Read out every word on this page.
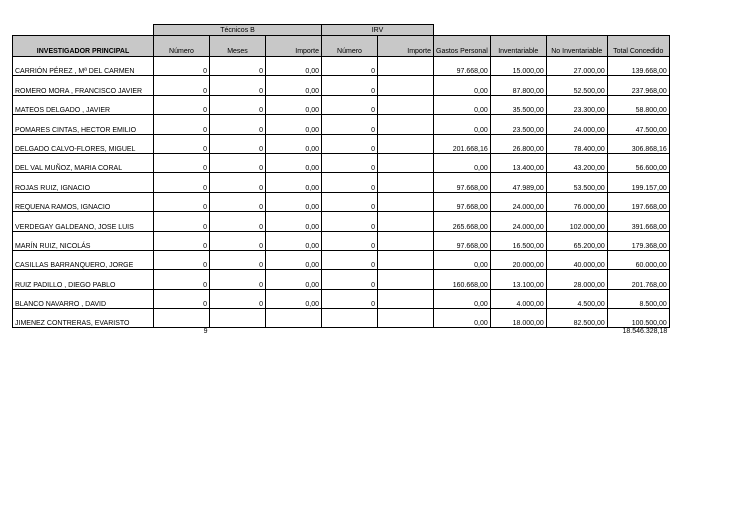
	Técnicos B			IRV					
INVESTIGADOR PRINCIPAL	Número	Meses	Importe	Número	Importe	Gastos Personal	Inventariable	No Inventariable	Total Concedido
CARRIÓN PÉREZ , Mª DEL CARMEN	0	0	0,00	0		97.668,00	15.000,00	27.000,00	139.668,00
ROMERO MORA , FRANCISCO JAVIER	0	0	0,00	0		0,00	87.800,00	52.500,00	237.968,00
MATEOS DELGADO , JAVIER	0	0	0,00	0		0,00	35.500,00	23.300,00	58.800,00
POMARES CINTAS, HECTOR EMILIO	0	0	0,00	0		0,00	23.500,00	24.000,00	47.500,00
DELGADO CALVO-FLORES, MIGUEL	0	0	0,00	0		201.668,16	26.800,00	78.400,00	306.868,16
DEL VAL MUÑOZ, MARIA CORAL	0	0	0,00	0		0,00	13.400,00	43.200,00	56.600,00
ROJAS RUIZ, IGNACIO	0	0	0,00	0		97.668,00	47.989,00	53.500,00	199.157,00
REQUENA RAMOS, IGNACIO	0	0	0,00	0		97.668,00	24.000,00	76.000,00	197.668,00
VERDEGAY GALDEANO, JOSE LUIS	0	0	0,00	0		265.668,00	24.000,00	102.000,00	391.668,00
MARÍN RUIZ, NICOLÁS	0	0	0,00	0		97.668,00	16.500,00	65.200,00	179.368,00
CASILLAS BARRANQUERO, JORGE	0	0	0,00	0		0,00	20.000,00	40.000,00	60.000,00
RUIZ PADILLO , DIEGO PABLO	0	0	0,00	0		160.668,00	13.100,00	28.000,00	201.768,00
BLANCO NAVARRO , DAVID	0	0	0,00	0		0,00	4.000,00	4.500,00	8.500,00
JIMENEZ CONTRERAS, EVARISTO						0,00	18.000,00	82.500,00	100.500,00
	9								18.546.328,18
